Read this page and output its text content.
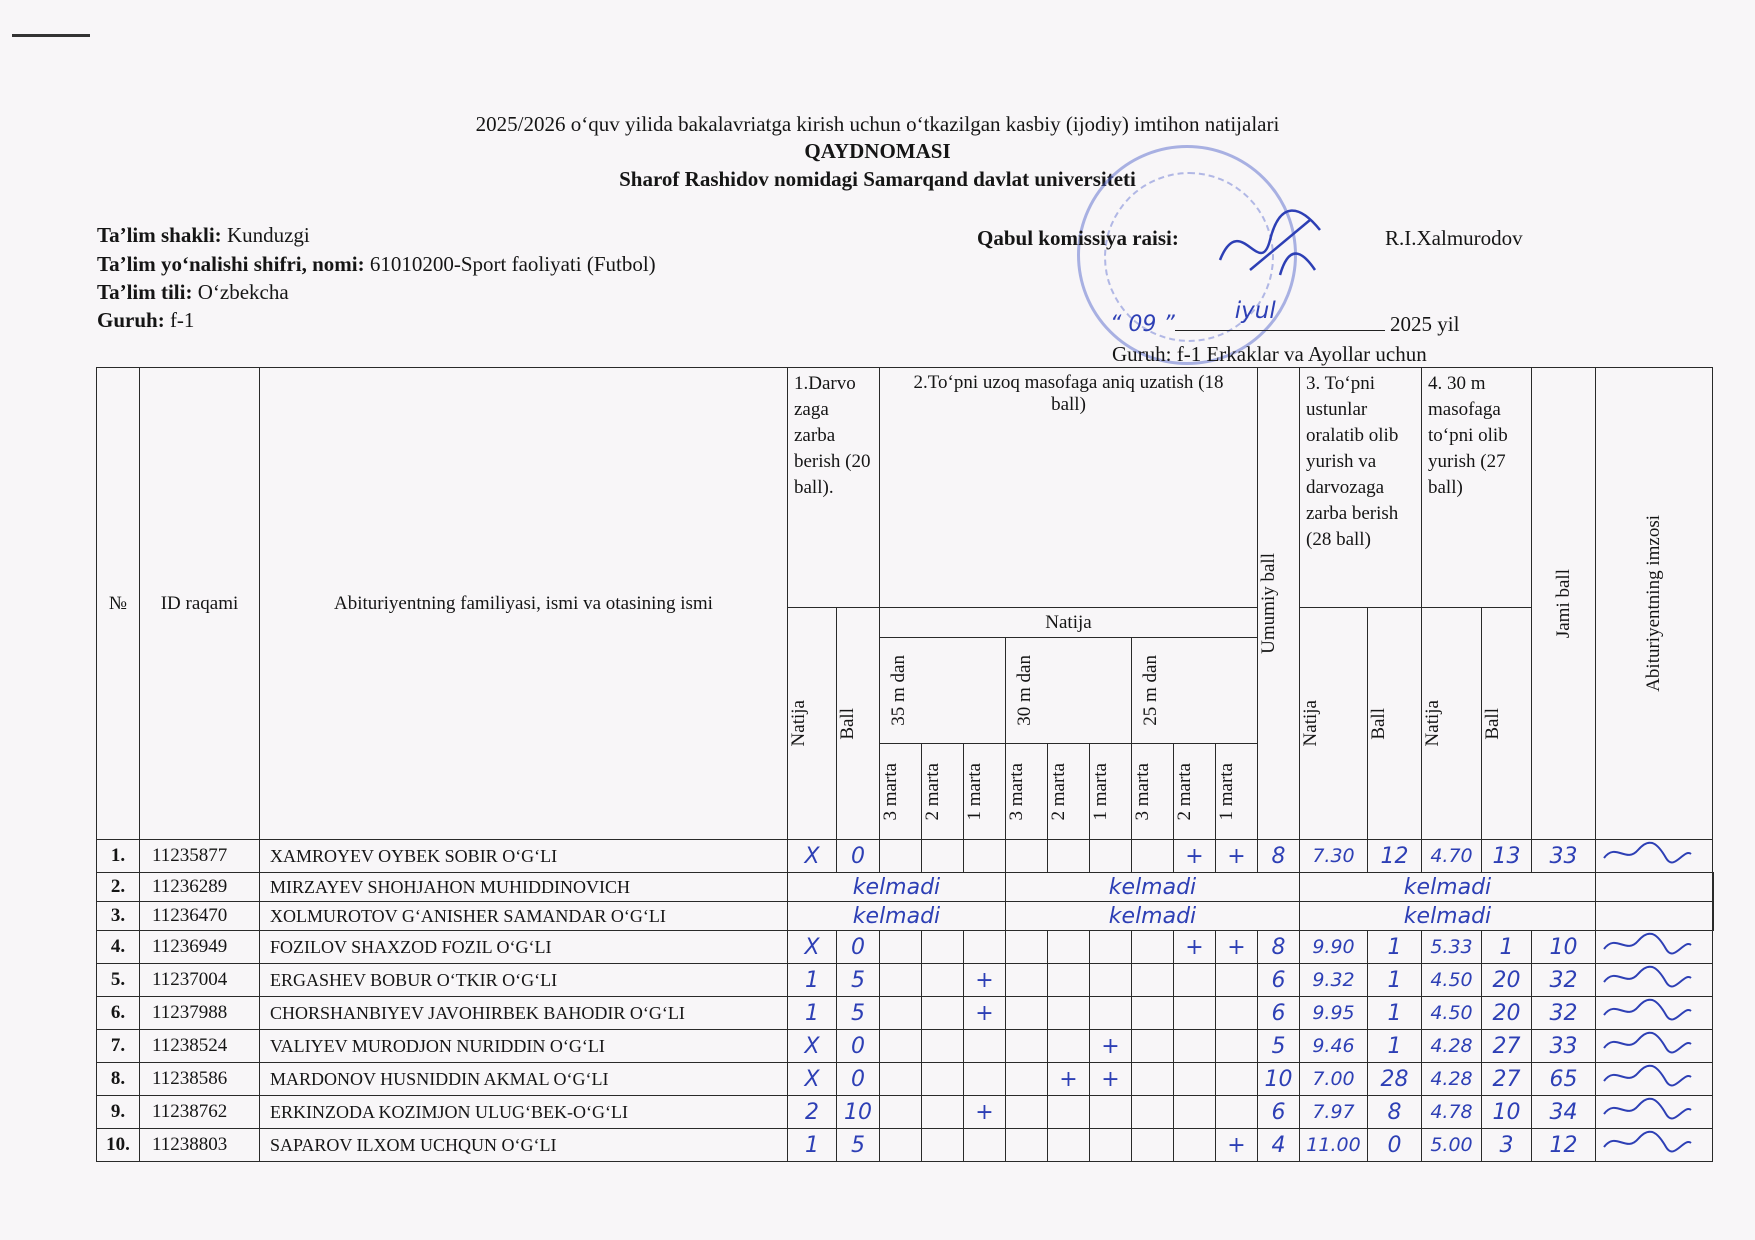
2025/2026 o‘quv yilida bakalavriatga kirish uchun o‘tkazilgan kasbiy (ijodiy) imtihon natijalari
QAYDNOMASI
Sharof Rashidov nomidagi Samarqand davlat universiteti
Ta’lim shakli: Kunduzgi
Ta’lim yo‘nalishi shifri, nomi: 61010200-Sport faoliyati (Futbol)
Ta’lim tili: O‘zbekcha
Guruh: f-1
Qabul komissiya raisi:	R.I.Xalmurodov
“ 09 ”
iyul	2025 yil
Guruh: f-1 Erkaklar va Ayollar uchun
№	ID raqami	Abituriyentning familiyasi, ismi va otasining ismi	1.Darvo zaga zarba berish (20 ball).		2.To‘pni uzoq masofaga aniq uzatish (18 ball)									Umumiy ball	3. To‘pni ustunlar oralatib olib yurish va darvozaga zarba berish (28 ball)		4. 30 m masofaga to‘pni olib yurish (27 ball)		Jami ball	Abituriyentning imzosi	

			Natija	Ball	Natija										Natija	Ball	Natija	Ball			

					35 m dan			30 m dan			25 m dan										

					3 marta	2 marta	1 marta	3 marta	2 marta	1 marta	3 marta	2 marta	1 marta								

1.	11235877	XAMROYEV OYBEK SOBIR O‘G‘LI	X	0								+	+	8	7.30	12	4.70	13	33	
2.	11236289	MIRZAYEV SHOHJAHON MUHIDDINOVICH	kelmadi					kelmadi							kelmadi						
3.	11236470	XOLMUROTOV G‘ANISHER SAMANDAR O‘G‘LI	kelmadi					kelmadi							kelmadi						
4.	11236949	FOZILOV SHAXZOD FOZIL O‘G‘LI	X	0								+	+	8	9.90	1	5.33	1	10	
5.	11237004	ERGASHEV BOBUR O‘TKIR O‘G‘LI	1	5			+							6	9.32	1	4.50	20	32	
6.	11237988	CHORSHANBIYEV JAVOHIRBEK BAHODIR O‘G‘LI	1	5			+							6	9.95	1	4.50	20	32	
7.	11238524	VALIYEV MURODJON NURIDDIN O‘G‘LI	X	0						+				5	9.46	1	4.28	27	33	
8.	11238586	MARDONOV HUSNIDDIN AKMAL O‘G‘LI	X	0					+	+				10	7.00	28	4.28	27	65	
9.	11238762	ERKINZODA KOZIMJON ULUG‘BEK-O‘G‘LI	2	10			+							6	7.97	8	4.78	10	34	
10.	11238803	SAPAROV ILXOM UCHQUN O‘G‘LI	1	5									+	4	11.00	0	5.00	3	12	
